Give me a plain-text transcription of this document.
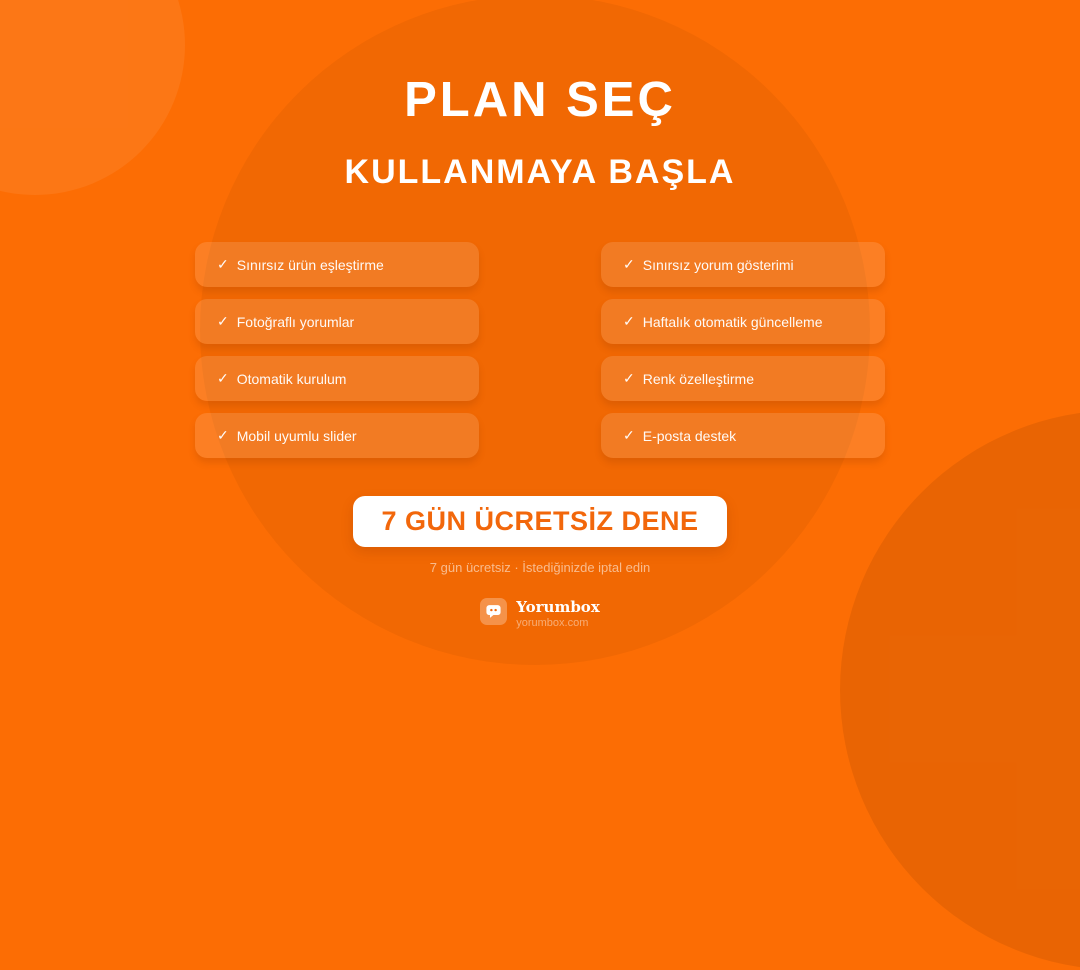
PLAN SEÇ
KULLANMAYA BAŞLA
✓ Sınırsız ürün eşleştirme	✓ Sınırsız yorum gösterimi
✓ Fotoğraflı yorumlar	✓ Haftalık otomatik güncelleme
✓ Otomatik kurulum	✓ Renk özelleştirme
✓ Mobil uyumlu slider	✓ E-posta destek
7 GÜN ÜCRETSİZ DENE
7 gün ücretsiz · İstediğinizde iptal edin
Yorumbox
yorumbox.com
